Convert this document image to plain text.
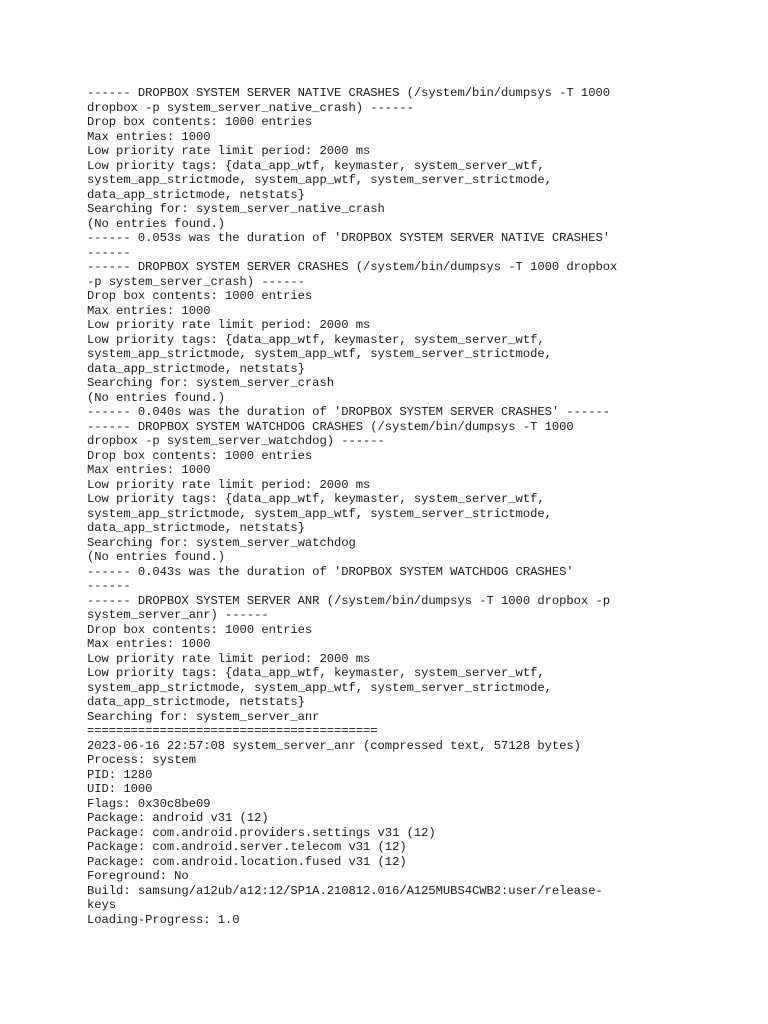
------ DROPBOX SYSTEM SERVER NATIVE CRASHES (/system/bin/dumpsys -T 1000
dropbox -p system_server_native_crash) ------
Drop box contents: 1000 entries
Max entries: 1000
Low priority rate limit period: 2000 ms
Low priority tags: {data_app_wtf, keymaster, system_server_wtf,
system_app_strictmode, system_app_wtf, system_server_strictmode,
data_app_strictmode, netstats}
Searching for: system_server_native_crash
(No entries found.)
------ 0.053s was the duration of 'DROPBOX SYSTEM SERVER NATIVE CRASHES'
------
------ DROPBOX SYSTEM SERVER CRASHES (/system/bin/dumpsys -T 1000 dropbox
-p system_server_crash) ------
Drop box contents: 1000 entries
Max entries: 1000
Low priority rate limit period: 2000 ms
Low priority tags: {data_app_wtf, keymaster, system_server_wtf,
system_app_strictmode, system_app_wtf, system_server_strictmode,
data_app_strictmode, netstats}
Searching for: system_server_crash
(No entries found.)
------ 0.040s was the duration of 'DROPBOX SYSTEM SERVER CRASHES' ------
------ DROPBOX SYSTEM WATCHDOG CRASHES (/system/bin/dumpsys -T 1000
dropbox -p system_server_watchdog) ------
Drop box contents: 1000 entries
Max entries: 1000
Low priority rate limit period: 2000 ms
Low priority tags: {data_app_wtf, keymaster, system_server_wtf,
system_app_strictmode, system_app_wtf, system_server_strictmode,
data_app_strictmode, netstats}
Searching for: system_server_watchdog
(No entries found.)
------ 0.043s was the duration of 'DROPBOX SYSTEM WATCHDOG CRASHES'
------
------ DROPBOX SYSTEM SERVER ANR (/system/bin/dumpsys -T 1000 dropbox -p
system_server_anr) ------
Drop box contents: 1000 entries
Max entries: 1000
Low priority rate limit period: 2000 ms
Low priority tags: {data_app_wtf, keymaster, system_server_wtf,
system_app_strictmode, system_app_wtf, system_server_strictmode,
data_app_strictmode, netstats}
Searching for: system_server_anr
========================================
2023-06-16 22:57:08 system_server_anr (compressed text, 57128 bytes)
Process: system
PID: 1280
UID: 1000
Flags: 0x30c8be09
Package: android v31 (12)
Package: com.android.providers.settings v31 (12)
Package: com.android.server.telecom v31 (12)
Package: com.android.location.fused v31 (12)
Foreground: No
Build: samsung/a12ub/a12:12/SP1A.210812.016/A125MUBS4CWB2:user/release-
keys
Loading-Progress: 1.0
